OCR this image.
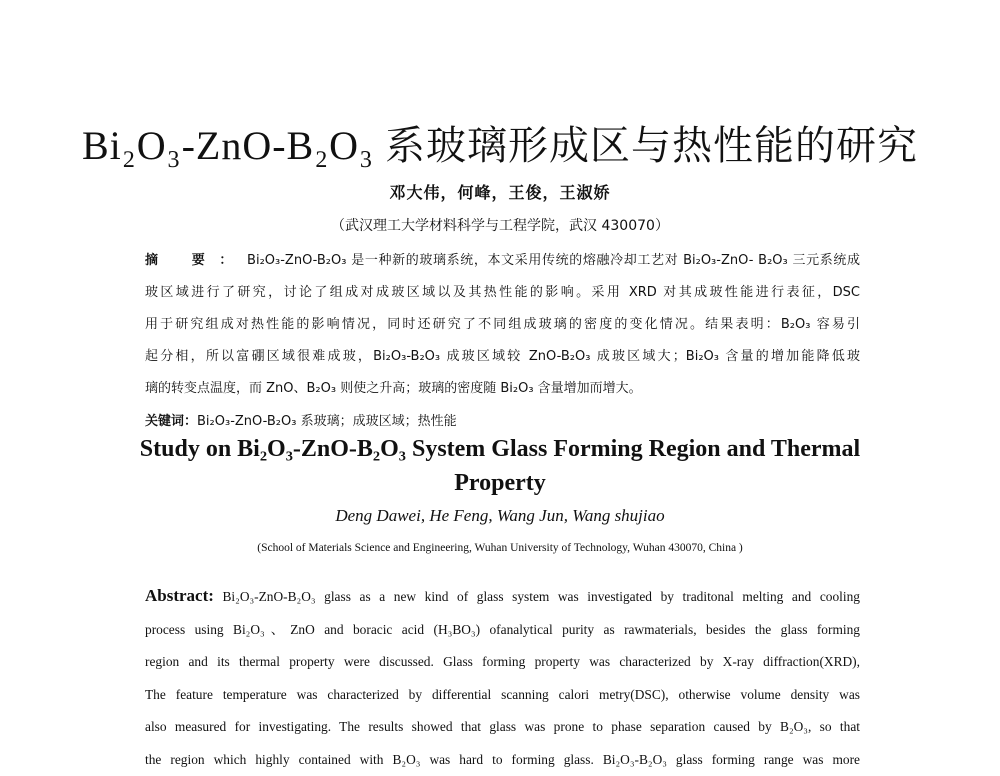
Bi₂O₃-ZnO-B₂O₃ 系玻璃形成区与热性能的研究
邓大伟，何峰，王俊，王淑娇
（武汉理工大学材料科学与工程学院，武汉 430070）
摘 要：Bi₂O₃-ZnO-B₂O₃ 是一种新的玻璃系统，本文采用传统的熔融冷却工艺对 Bi₂O₃-ZnO- B₂O₃ 三元系统成
玻区域进行了研究，讨论了组成对成玻区域以及其热性能的影响。采用 XRD 对其成玻性能进行表征，DSC
用于研究组成对热性能的影响情况，同时还研究了不同组成玻璃的密度的变化情况。结果表明：B₂O₃ 容易引
起分相，所以富硼区域很难成玻，Bi₂O₃-B₂O₃ 成玻区域较 ZnO-B₂O₃ 成玻区域大；Bi₂O₃ 含量的增加能降低玻
璃的转变点温度，而 ZnO、B₂O₃ 则使之升高；玻璃的密度随 Bi₂O₃ 含量增加而增大。
关键词：Bi₂O₃-ZnO-B₂O₃ 系玻璃；成玻区域；热性能
Study on Bi₂O₃-ZnO-B₂O₃ System Glass Forming Region and Thermal
Property
Deng Dawei, He Feng, Wang Jun, Wang shujiao
(School of Materials Science and Engineering, Wuhan University of Technology, Wuhan 430070, China )
Abstract: Bi₂O₃-ZnO-B₂O₃ glass as a new kind of glass system was investigated by traditonal melting and cooling
process using Bi₂O₃、ZnO and boracic acid (H₃BO₃) ofanalytical purity as rawmaterials, besides the glass forming
region and its thermal property were discussed. Glass forming property was characterized by X-ray diffraction(XRD),
The feature temperature was characterized by differential scanning calori metry(DSC), otherwise volume density was
also measured for investigating. The results showed that glass was prone to phase separation caused by B₂O₃, so that
the region which highly contained with B₂O₃ was hard to forming glass. Bi₂O₃-B₂O₃ glass forming range was more
